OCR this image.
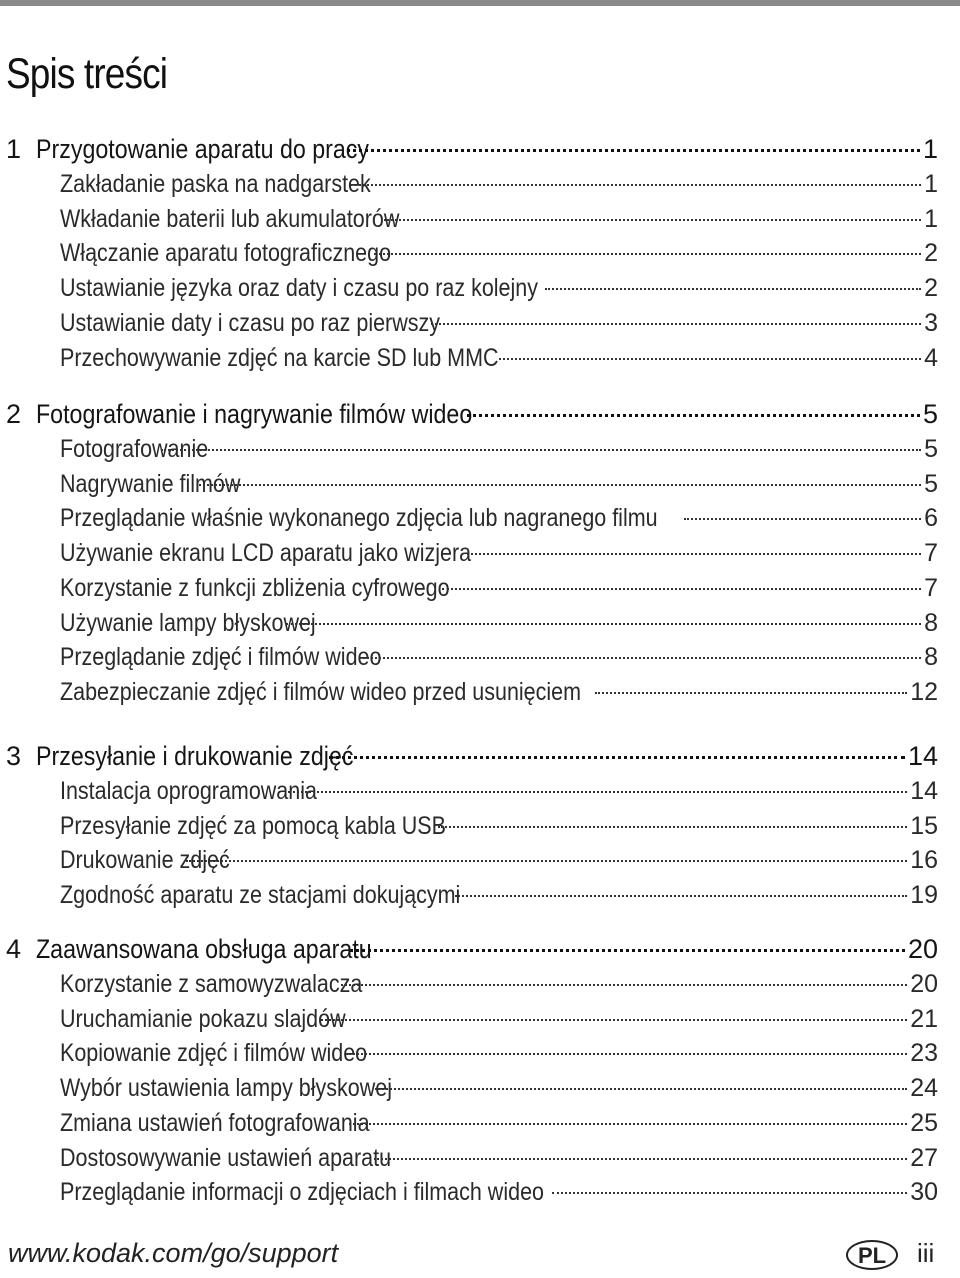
Spis treści
1 Przygotowanie aparatu do pracy	1
Zakładanie paska na nadgarstek	1
Wkładanie baterii lub akumulatorów	1
Włączanie aparatu fotograficznego	2
Ustawianie języka oraz daty i czasu po raz kolejny	2
Ustawianie daty i czasu po raz pierwszy	3
Przechowywanie zdjęć na karcie SD lub MMC	4
2 Fotografowanie i nagrywanie filmów wideo	5
Fotografowanie	5
Nagrywanie filmów	5
Przeglądanie właśnie wykonanego zdjęcia lub nagranego filmu	6
Używanie ekranu LCD aparatu jako wizjera	7
Korzystanie z funkcji zbliżenia cyfrowego	7
Używanie lampy błyskowej	8
Przeglądanie zdjęć i filmów wideo	8
Zabezpieczanie zdjęć i filmów wideo przed usunięciem	12
3 Przesyłanie i drukowanie zdjęć	14
Instalacja oprogramowania	14
Przesyłanie zdjęć za pomocą kabla USB	15
Drukowanie zdjęć	16
Zgodność aparatu ze stacjami dokującymi	19
4 Zaawansowana obsługa aparatu	20
Korzystanie z samowyzwalacza	20
Uruchamianie pokazu slajdów	21
Kopiowanie zdjęć i filmów wideo	23
Wybór ustawienia lampy błyskowej	24
Zmiana ustawień fotografowania	25
Dostosowywanie ustawień aparatu	27
Przeglądanie informacji o zdjęciach i filmach wideo	30
www.kodak.com/go/support	PL	iii
